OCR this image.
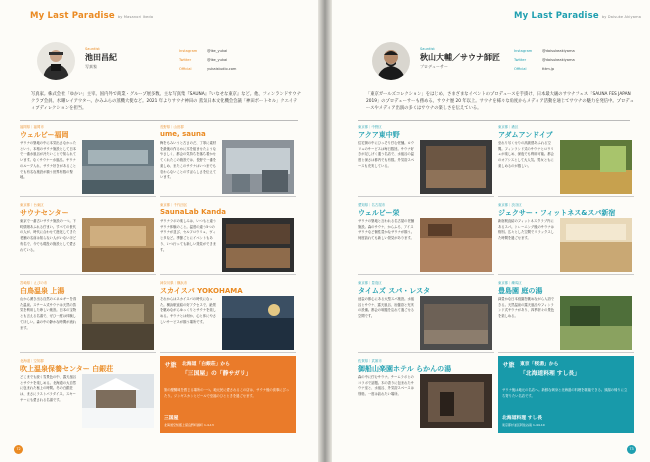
My Last Paradise by Masanori Ikeda
Sauntist
池田昌紀
写真家
Instagram	@ike_yukai
Twitter	@ike_yukai
Official	yukaistudio.com
写真家。株式会社「ゆかい」主宰。国内外で商業・グループ展多数。主な写真集『SAUNA』『いなせな東京』など。他、フィンランドサウナクラブ会員。水曜レイアウター。かみふらの蒸機大使など。2021 年よりサウナ神田の 蒸気日本文化機会会議「神田ボートセル」クエイティブディレクションを担当。
福岡県｜福岡市
ウェルビー福岡
サウナの聖地の中に本気出さなかったという、本格のサウナ施設として日本で一番水風呂が冷たいことで知られています。なくサウナー水風呂。サウナのループ入れ、サウナ好きがあることでも有名な施設が揃う世界有数の聖地。
長野県｜山田郡
ume, sauna
梅をもみいうと古さのだ、丁寧に素材を最後の作るかに木を組ませたようなやさしく、都会の気持ちを落ち着かせてくれたこの施設では、長野で一番を楽しめ、またこのサウナはいつまでも変わらないことのすばらしさを伝えています。
東京都｜台東区
サウナセンター
東京で一番古いサウナ施設の一つ。下町情緒あふれる佇まい。すべての世代の人が、時代に合わせて進化してきた老舗の名前は知らない人がいないほど有名で、今でも現役の施設として愛されている。
東京都｜千代田区
SaunaLab Kanda
サウナラボの楽しみは、いつもと違うサウナ体験のこと。温度の違う5つのサウナが並び、セルフロウリュ、ヴィヒタなど。季節ごとにイベントもあり、いつ行っても新しい発見ができます。
宮崎県｜えびの市
白鳥温泉 上湯
山から湧き出る自然のエネルギーを得た温泉。スチーム式サウナは天然の蒸気を利用した珍しい施設。日本の宝物とも言える名湯で、ぜひ一度は体験してほしい。森の中の静かな時間が流れます。
神奈川県｜横浜市
スカイスパ YOKOHAMA
それからはスカイスパの時代になった。横浜駅直結の好アクセスで、絶景を眺めながらゆっくりとサウナを楽しめる。サウナとは何か、心と体にやさしいサービスが揃う場所です。
北海道｜空知郡
吹上温泉保養センター 白銀荘
どこまでも続く雪景色の中、露天風呂とサウナを楽しめる。北海道の大自然に包まれた極上の時間。冬の白銀荘は、まさにラストパラダイス。スキーヤーにも愛される名湯です。
サ旅 北海道「白銀荘」から
「三国屋」の「静サガリ」
旅の醍醐味を感じる場所の一つ。地元民に愛されるこの店は、サウナ後の食事にぴったり。ジンギスカンとビールで至福のひとときを過ごせます。
三国屋
北海道空知郡上富良野町錦町 1-4-13
72
My Last Paradise by Daisuke Akiyama
Sauntist
秋山大輔／サウナ師匠
プロデューサー
Instagram	@daisukeakiyama
Twitter	@daisukeakiyama
Official	tttm.jp
「東京ガールズコレクション」をはじめ、さまざまなイベントのプロデュースを手掛け、日本最大級のサウナフェス「SAUNA FES JAPAN 2019」のプロデューサーも務める。サウナ歴 20 年以上。サウナを様々な角度からメディア活動を通じてサウナの魅力を発信中。プロデュースやメディア出演の多くはサウナの楽しさを伝えている。
東京都｜中野区
アクア東中野
住宅街の中にひっそり佇む老舗。ロウリュのサービスは毎日数回。サウナ好きが足しげく通う名店で、水風呂の温度と深さは都内でも有数。外気浴スペースも充実している。
東京都｜港区
アダムアンドイブ
至れり尽くせりの高級感あふれる空間。フィンランド式のサウナとロウリュが楽しめ、深夜でも利用可能。都会のオアシスとして大人気。男女ともに楽しめるのが嬉しい。
愛知県｜名古屋市
ウェルビー栄
サウナの聖地と言われる名古屋の老舗施設。森のサウナ、からふろ、アイスサウナなど個性豊かなサウナが揃う。何度訪れても新しい発見があります。
東京都｜渋谷区
ジェクサー・フィットネス&スパ新宿
新宿駅直結のフィットネスクラブ内にあるスパ。トレーニング後のサウナは格別。広々とした空間でリラックスした時間を過ごせます。
東京都｜豊島区
タイムズ スパ・レスタ
池袋の都心にある大型スパ施設。水風呂とサウナ、露天風呂、岩盤浴と充実の設備。都会の喧騒を忘れて過ごせる空間です。
東京都｜練馬区
豊島園 庭の湯
緑豊かな日本庭園を眺めながら入浴できる。天然温泉の露天風呂やフィンランド式サウナがあり、四季折々の景色を楽しめる。
佐賀県｜武雄市
御船山楽園ホテル らかんの湯
森の中に佇むサウナ。チームラボとのコラボで話題。木の香りに包まれたサウナ室と、水風呂、外気浴スペースは別格。一度は訪れたい場所。
サ旅 東京「桜湯」から
「北海道料理 すし長」
サウナ後は地元の名店へ。新鮮な刺身と北海道の料理を堪能できる。銭湯の帰りに立ち寄りたい名店です。
北海道料理 すし長
東京都杉並区阿佐谷南 1-44-10
73
